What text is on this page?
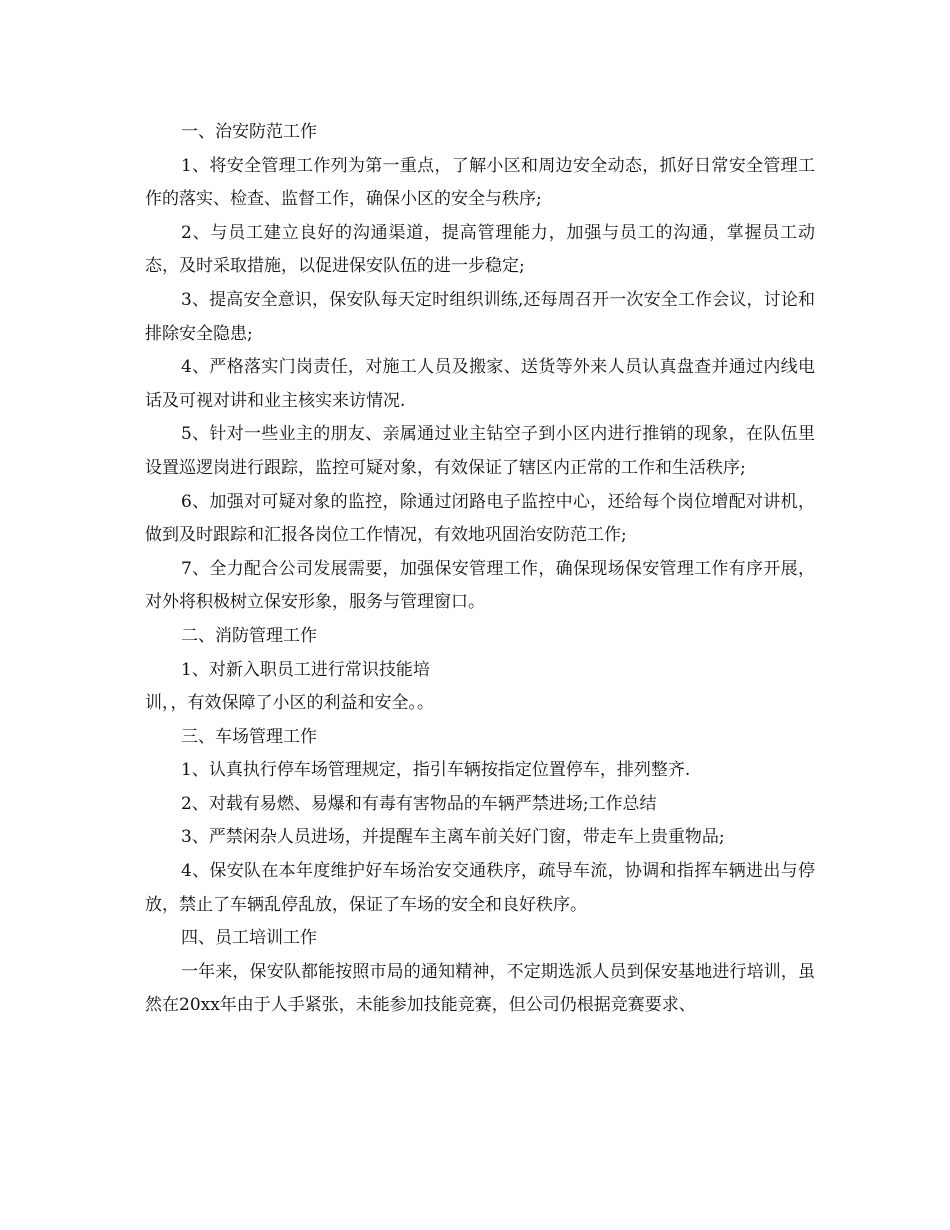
一、治安防范工作

1、将安全管理工作列为第一重点，了解小区和周边安全动态，抓好日常安全管理工作的落实、检查、监督工作，确保小区的安全与秩序;

2、与员工建立良好的沟通渠道，提高管理能力，加强与员工的沟通，掌握员工动态，及时采取措施，以促进保安队伍的进一步稳定;

3、提高安全意识，保安队每天定时组织训练,还每周召开一次安全工作会议，讨论和排除安全隐患;

4、严格落实门岗责任，对施工人员及搬家、送货等外来人员认真盘查并通过内线电话及可视对讲和业主核实来访情况.

5、针对一些业主的朋友、亲属通过业主钻空子到小区内进行推销的现象，在队伍里设置巡逻岗进行跟踪，监控可疑对象，有效保证了辖区内正常的工作和生活秩序;

6、加强对可疑对象的监控，除通过闭路电子监控中心，还给每个岗位增配对讲机，做到及时跟踪和汇报各岗位工作情况，有效地巩固治安防范工作;

7、全力配合公司发展需要，加强保安管理工作，确保现场保安管理工作有序开展，对外将积极树立保安形象，服务与管理窗口。

二、消防管理工作

1、对新入职员工进行常识技能培

训，，有效保障了小区的利益和安全。。

三、车场管理工作

1、认真执行停车场管理规定，指引车辆按指定位置停车，排列整齐.

2、对载有易燃、易爆和有毒有害物品的车辆严禁进场;工作总结

3、严禁闲杂人员进场，并提醒车主离车前关好门窗，带走车上贵重物品;

4、保安队在本年度维护好车场治安交通秩序，疏导车流，协调和指挥车辆进出与停放，禁止了车辆乱停乱放，保证了车场的安全和良好秩序。

四、员工培训工作

一年来，保安队都能按照市局的通知精神，不定期选派人员到保安基地进行培训，虽然在20xx年由于人手紧张，未能参加技能竞赛，但公司仍根据竞赛要求、
